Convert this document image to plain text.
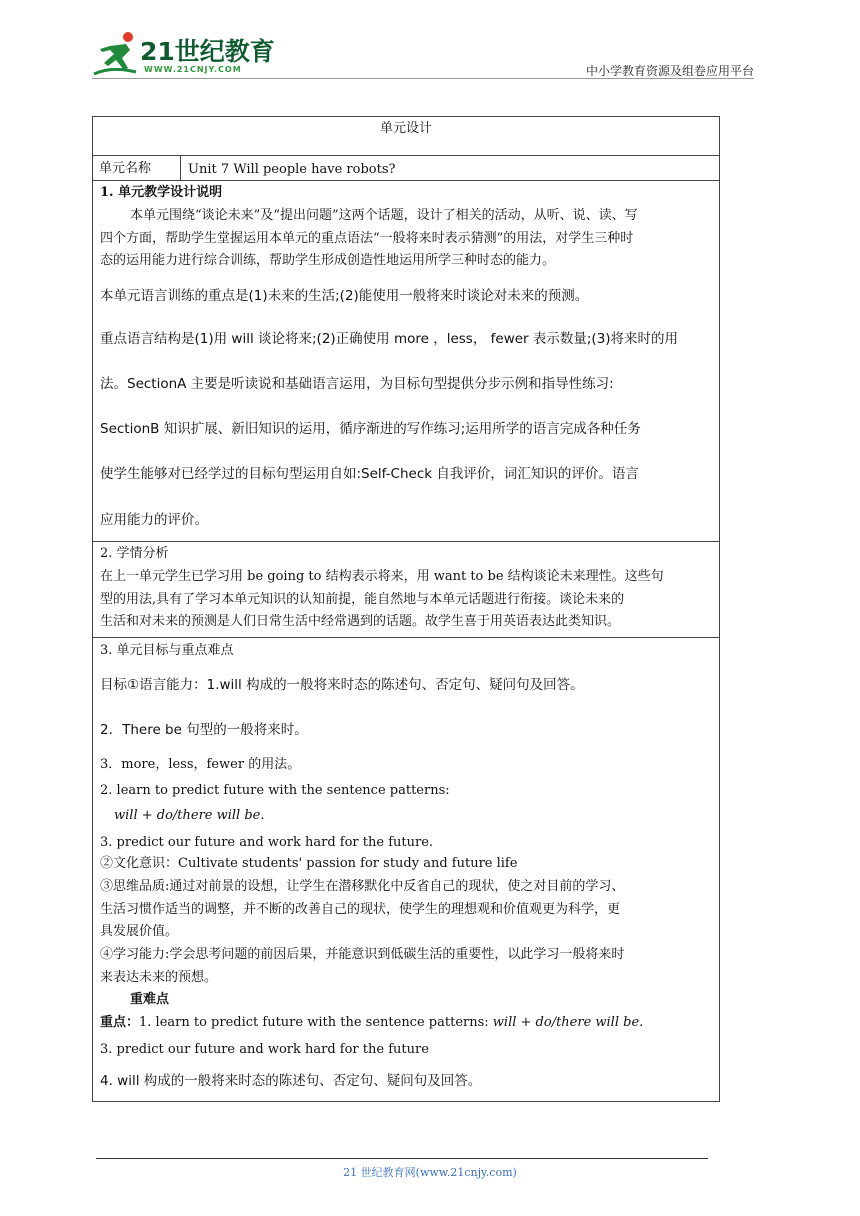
21世纪教育
WWW.21CNJY.COM	中小学教育资源及组卷应用平台
单元设计
单元名称	Unit 7 Will people have robots?
1. 单元教学设计说明
本单元围绕“谈论未来”及“提出问题”这两个话题，设计了相关的活动，从听、说、读、写
四个方面，帮助学生堂握运用本单元的重点语法“一般将来时表示猜测”的用法，对学生三种时
态的运用能力进行综合训练，帮助学生形成创造性地运用所学三种时态的能力。
本单元语言训练的重点是(1)未来的生活;(2)能使用一般将来时谈论对未来的预测。
重点语言结构是(1)用 will 谈论将来;(2)正确使用 more ，less， fewer 表示数量;(3)将来时的用
法。SectionA 主要是听读说和基础语言运用，为目标句型提供分步示例和指导性练习:
SectionB 知识扩展、新旧知识的运用，循序渐进的写作练习;运用所学的语言完成各种任务
使学生能够对已经学过的目标句型运用自如:Self-Check 自我评价，词汇知识的评价。语言
应用能力的评价。
2. 学情分析
在上一单元学生已学习用 be going to 结构表示将来，用 want to be 结构谈论未来理性。这些句
型的用法,具有了学习本单元知识的认知前提，能自然地与本单元话题进行衔接。谈论未来的
生活和对未来的预测是人们日常生活中经常遇到的话题。故学生喜于用英语表达此类知识。
3. 单元目标与重点难点
目标①语言能力：1.will 构成的一般将来时态的陈述句、否定句、疑问句及回答。
2．There be 句型的一般将来时。
3．more，less，fewer 的用法。
2. learn to predict future with the sentence patterns:
will + do/there will be.
3. predict our future and work hard for the future.
②文化意识：Cultivate students' passion for study and future life
③思维品质:通过对前景的设想，让学生在潜移默化中反省自己的现状，使之对目前的学习、
生活习惯作适当的调整，并不断的改善自己的现状，使学生的理想观和价值观更为科学，更
具发展价值。
④学习能力:学会思考问题的前因后果，并能意识到低碳生活的重要性，以此学习一般将来时
来表达未来的预想。
重难点
重点：1. learn to predict future with the sentence patterns: will + do/there will be.
3. predict our future and work hard for the future
4. will 构成的一般将来时态的陈述句、否定句、疑问句及回答。
21 世纪教育网(www.21cnjy.com)
